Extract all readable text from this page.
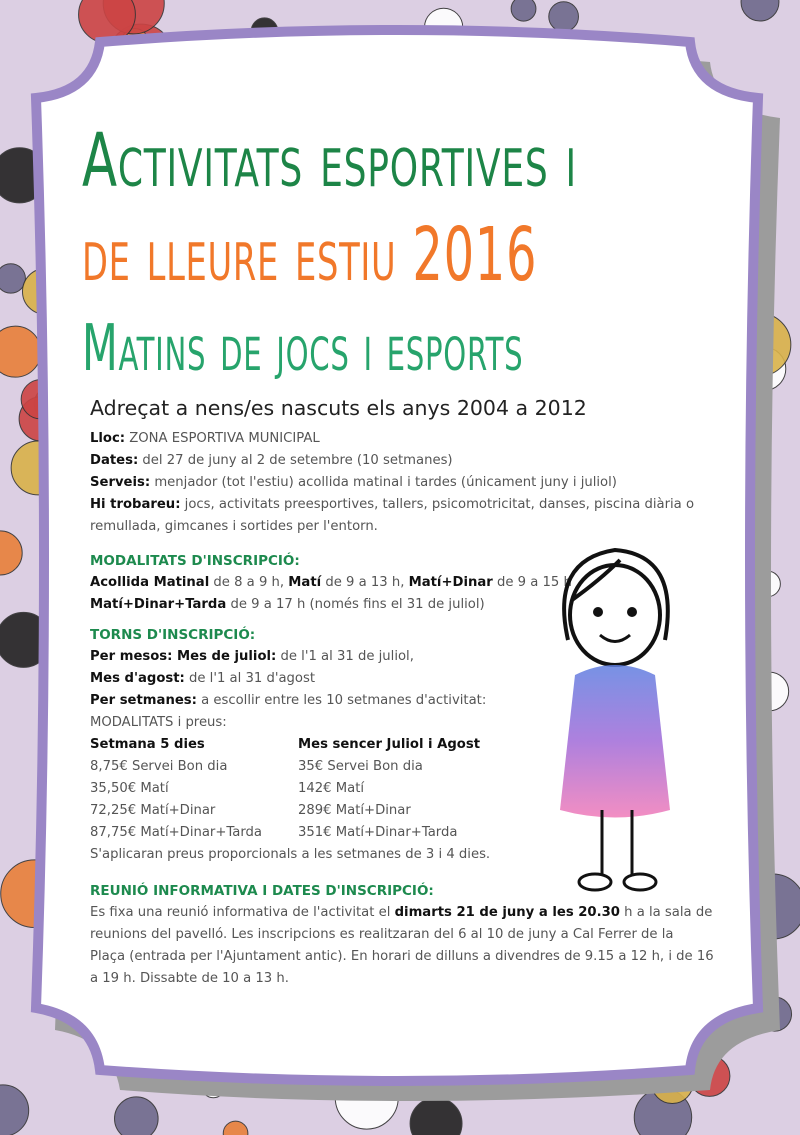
Activitats esportives i
de lleure estiu 2016
Matins de jocs i esports
Adreçat a nens/es nascuts els anys 2004 a 2012
Lloc: ZONA ESPORTIVA MUNICIPAL
Dates: del 27 de juny al 2 de setembre (10 setmanes)
Serveis: menjador (tot l'estiu) acollida matinal i tardes (únicament juny i juliol)
Hi trobareu: jocs, activitats preesportives, tallers, psicomotricitat, danses, piscina diària o
remullada, gimcanes i sortides per l'entorn.
MODALITATS D'INSCRIPCIÓ:
Acollida Matinal de 8 a 9 h, Matí de 9 a 13 h, Matí+Dinar de 9 a 15 h
Matí+Dinar+Tarda de 9 a 17 h (només fins el 31 de juliol)
TORNS D'INSCRIPCIÓ:
Per mesos: Mes de juliol: de l'1 al 31 de juliol,
Mes d'agost: de l'1 al 31 d'agost
Per setmanes: a escollir entre les 10 setmanes d'activitat:
MODALITATS i preus:
Setmana 5 dies	Mes sencer Juliol i Agost
8,75€ Servei Bon dia	35€ Servei Bon dia
35,50€ Matí	142€ Matí
72,25€ Matí+Dinar	289€ Matí+Dinar
87,75€ Matí+Dinar+Tarda	351€ Matí+Dinar+Tarda
S'aplicaran preus proporcionals a les setmanes de 3 i 4 dies.
REUNIÓ INFORMATIVA I DATES D'INSCRIPCIÓ:
Es fixa una reunió informativa de l'activitat el dimarts 21 de juny a les 20.30 h a la sala de
reunions del pavelló. Les inscripcions es realitzaran del 6 al 10 de juny a Cal Ferrer de la
Plaça (entrada per l'Ajuntament antic). En horari de dilluns a divendres de 9.15 a 12 h, i de 16
a 19 h. Dissabte de 10 a 13 h.
